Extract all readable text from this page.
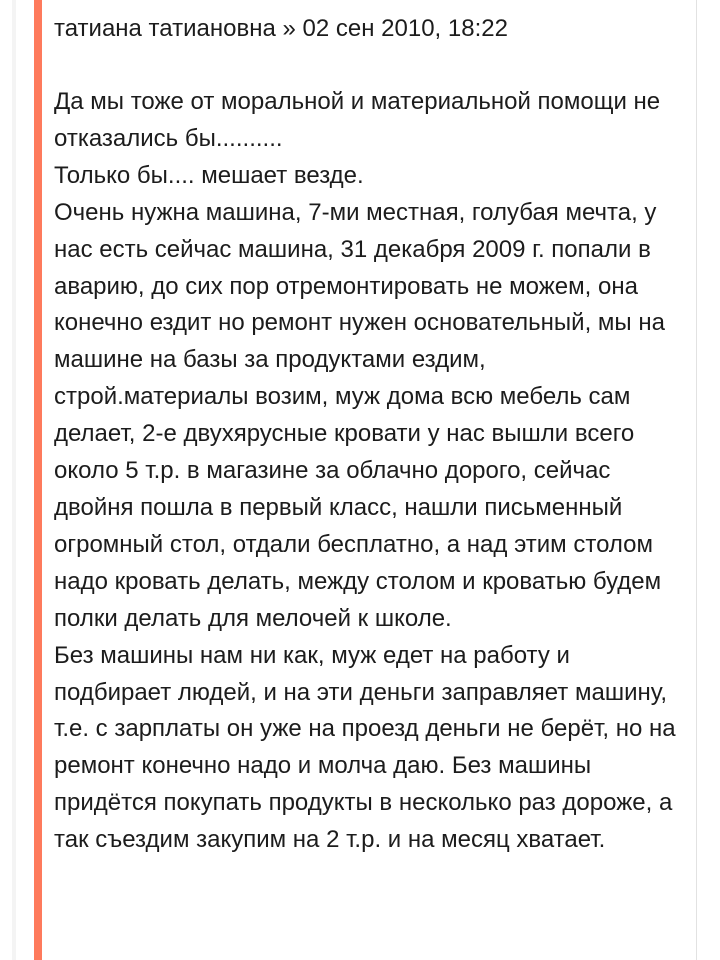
татиана татиановна » 02 сен 2010, 18:22

Да мы тоже от моральной и материальной помощи не отказались бы..........

Только бы.... мешает везде.

Очень нужна машина, 7-ми местная, голубая мечта, у нас есть сейчас машина, 31 декабря 2009 г. попали в аварию, до сих пор отремонтировать не можем, она конечно ездит но ремонт нужен основательный, мы на машине на базы за продуктами ездим, строй.материалы возим, муж дома всю мебель сам делает, 2-е двухярусные кровати у нас вышли всего около 5 т.р. в магазине за облачно дорого, сейчас двойня пошла в первый класс, нашли письменный огромный стол, отдали бесплатно, а над этим столом надо кровать делать, между столом и кроватью будем полки делать для мелочей к школе.

Без машины нам ни как, муж едет на работу и подбирает людей, и на эти деньги заправляет машину, т.е. с зарплаты он уже на проезд деньги не берёт, но на ремонт конечно надо и молча даю. Без машины придётся покупать продукты в несколько раз дороже, а так съездим закупим на 2 т.р. и на месяц хватает.
